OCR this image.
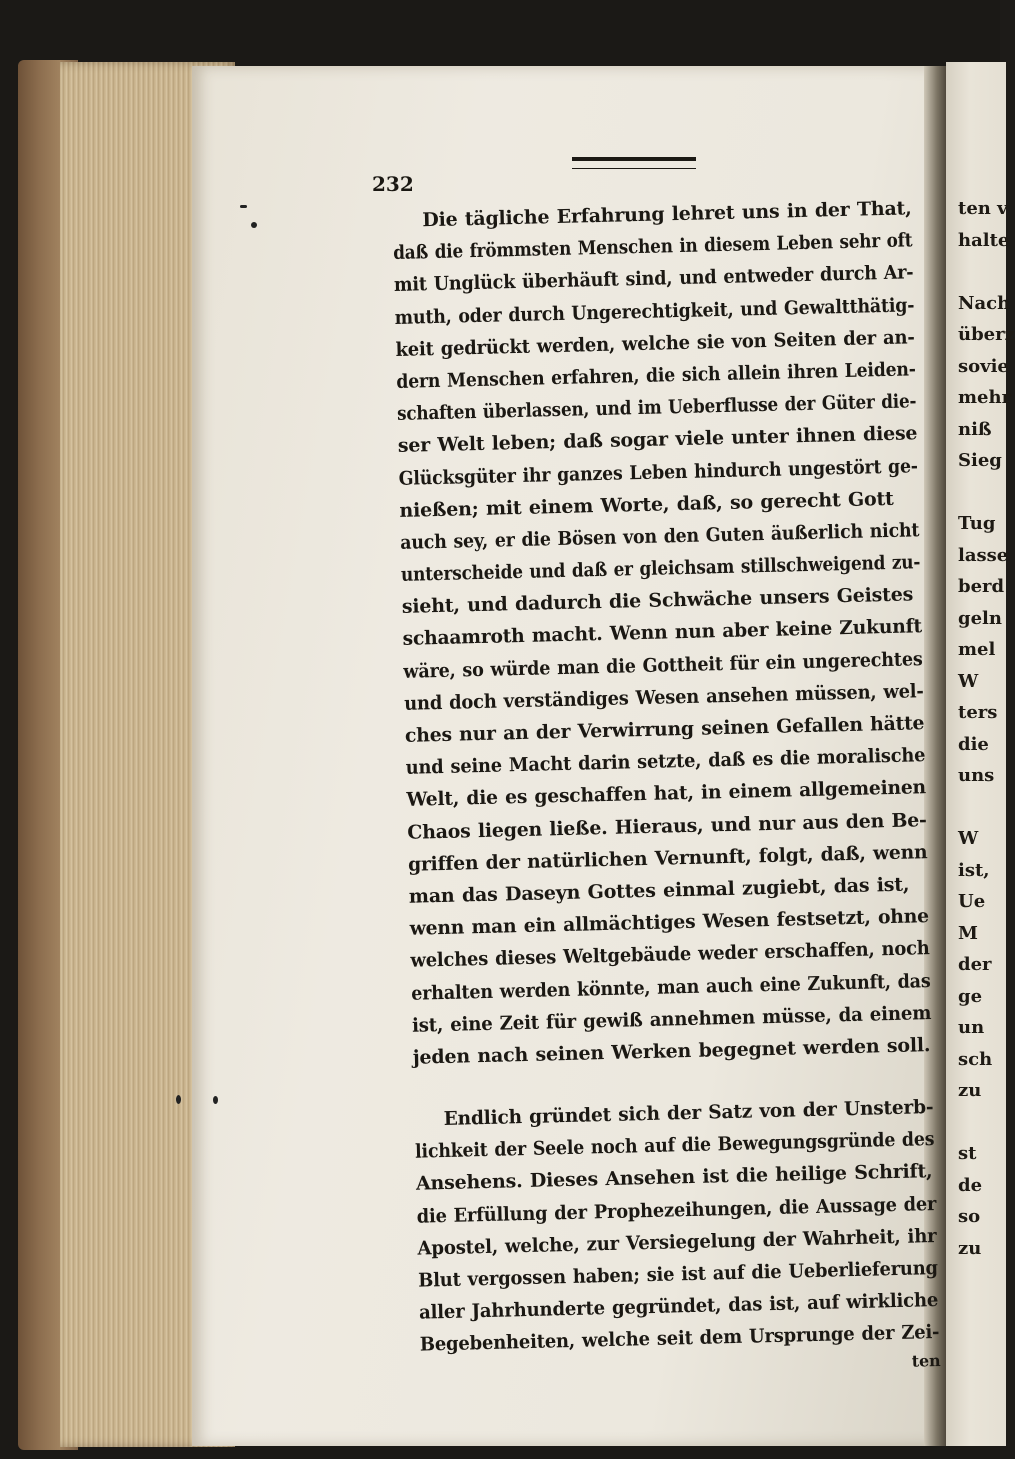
ten v
halte
Nach
überz
sovie
mehr
niß
Sieg
Tug
lasse
berd
geln
mel
W
ters
die
uns
W
ist,
Ue
M
der
ge
un
sch
zu
st
de
so
zu
232
Die tägliche Erfahrung lehret uns in der That,
daß die frömmsten Menschen in diesem Leben sehr oft
mit Unglück überhäuft sind, und entweder durch Ar-
muth, oder durch Ungerechtigkeit, und Gewaltthätig-
keit gedrückt werden, welche sie von Seiten der an-
dern Menschen erfahren, die sich allein ihren Leiden-
schaften überlassen, und im Ueberflusse der Güter die-
ser Welt leben; daß sogar viele unter ihnen diese
Glücksgüter ihr ganzes Leben hindurch ungestört ge-
nießen; mit einem Worte, daß, so gerecht Gott
auch sey, er die Bösen von den Guten äußerlich nicht
unterscheide und daß er gleichsam stillschweigend zu-
sieht, und dadurch die Schwäche unsers Geistes
schaamroth macht. Wenn nun aber keine Zukunft
wäre, so würde man die Gottheit für ein ungerechtes
und doch verständiges Wesen ansehen müssen, wel-
ches nur an der Verwirrung seinen Gefallen hätte
und seine Macht darin setzte, daß es die moralische
Welt, die es geschaffen hat, in einem allgemeinen
Chaos liegen ließe. Hieraus, und nur aus den Be-
griffen der natürlichen Vernunft, folgt, daß, wenn
man das Daseyn Gottes einmal zugiebt, das ist,
wenn man ein allmächtiges Wesen festsetzt, ohne
welches dieses Weltgebäude weder erschaffen, noch
erhalten werden könnte, man auch eine Zukunft, das
ist, eine Zeit für gewiß annehmen müsse, da einem
jeden nach seinen Werken begegnet werden soll.
Endlich gründet sich der Satz von der Unsterb-
lichkeit der Seele noch auf die Bewegungsgründe des
Ansehens. Dieses Ansehen ist die heilige Schrift,
die Erfüllung der Prophezeihungen, die Aussage der
Apostel, welche, zur Versiegelung der Wahrheit, ihr
Blut vergossen haben; sie ist auf die Ueberlieferung
aller Jahrhunderte gegründet, das ist, auf wirkliche
Begebenheiten, welche seit dem Ursprunge der Zei-
ten
